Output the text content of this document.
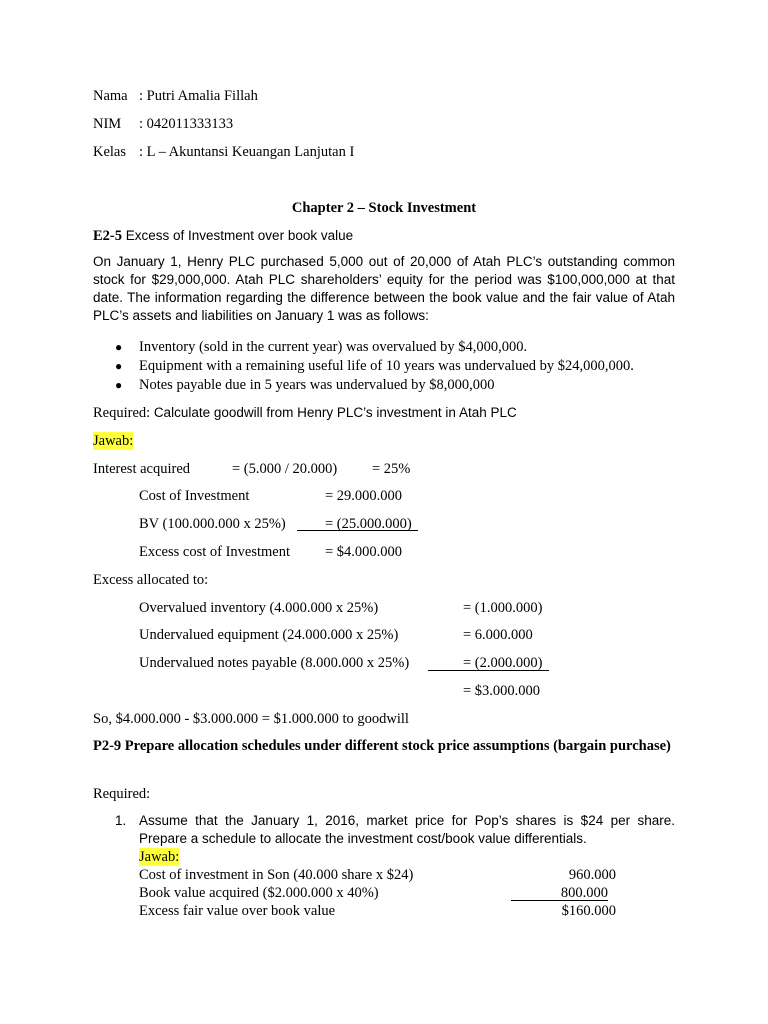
Nama : Putri Amalia Fillah
NIM : 042011333133
Kelas : L – Akuntansi Keuangan Lanjutan I
Chapter 2 – Stock Investment
E2-5 Excess of Investment over book value
On January 1, Henry PLC purchased 5,000 out of 20,000 of Atah PLC’s outstanding common stock for $29,000,000. Atah PLC shareholders’ equity for the period was $100,000,000 at that date. The information regarding the difference between the book value and the fair value of Atah PLC’s assets and liabilities on January 1 was as follows:
● Inventory (sold in the current year) was overvalued by $4,000,000.
● Equipment with a remaining useful life of 10 years was undervalued by $24,000,000.
● Notes payable due in 5 years was undervalued by $8,000,000
Required: Calculate goodwill from Henry PLC’s investment in Atah PLC
Jawab:
Interest acquired	= (5.000 / 20.000) = 25%
Cost of Investment	= 29.000.000
BV (100.000.000 x 25%)	= (25.000.000)
Excess cost of Investment = $4.000.000
Excess allocated to:
Overvalued inventory (4.000.000 x 25%)	= (1.000.000)
Undervalued equipment (24.000.000 x 25%)	= 6.000.000
Undervalued notes payable (8.000.000 x 25%)	= (2.000.000)
= $3.000.000
So, $4.000.000 - $3.000.000 = $1.000.000 to goodwill
P2-9 Prepare allocation schedules under different stock price assumptions (bargain purchase)
Required:
1. Assume that the January 1, 2016, market price for Pop’s shares is $24 per share. Prepare a schedule to allocate the investment cost/book value differentials.
Jawab:
Cost of investment in Son (40.000 share x $24)	960.000
Book value acquired ($2.000.000 x 40%)	800.000
Excess fair value over book value	$160.000
